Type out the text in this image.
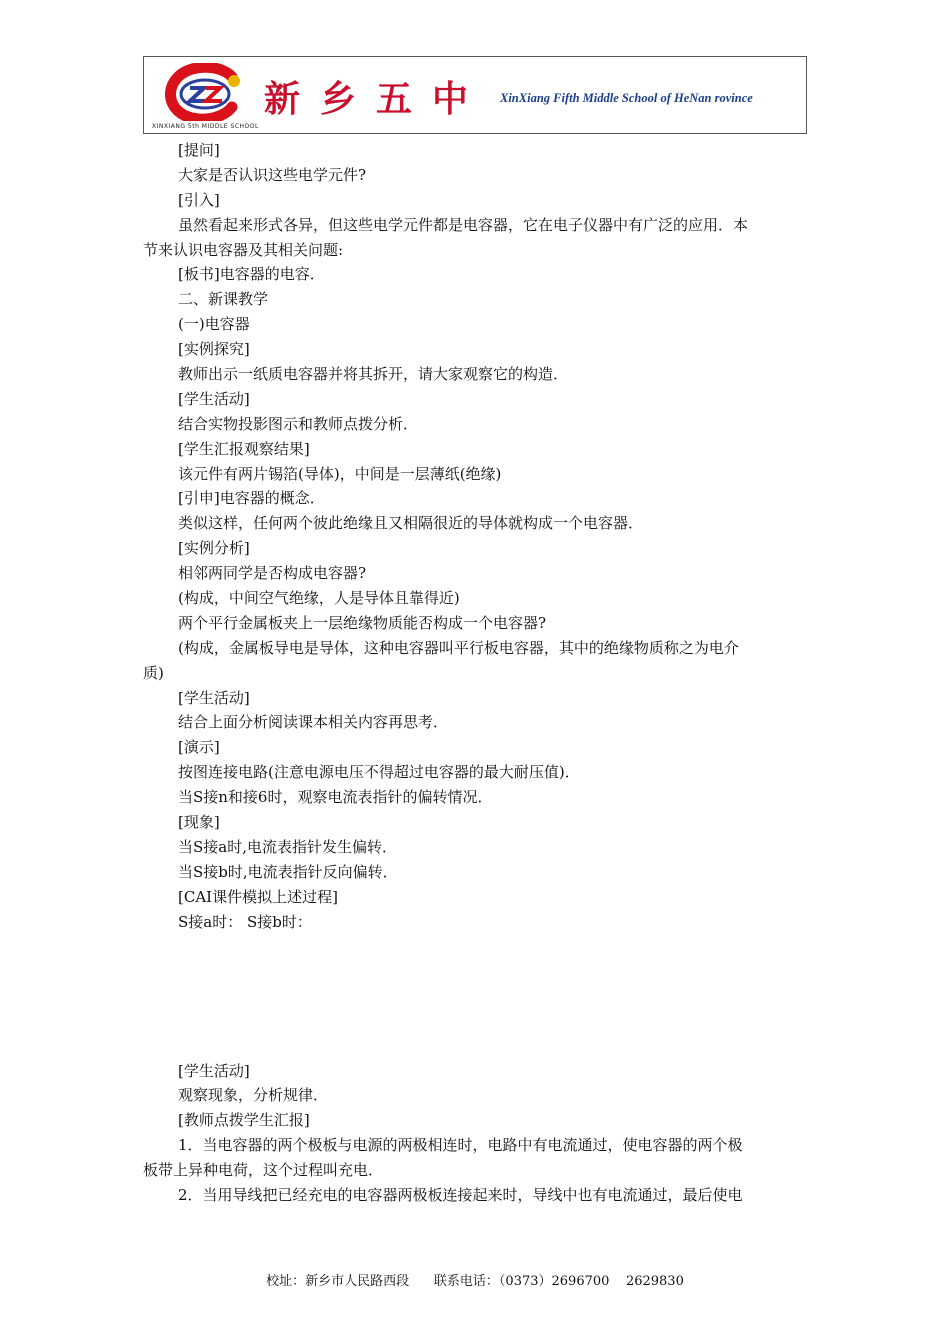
XINXIANG 5th MIDDLE SCHOOL
新乡五中 XinXiang Fifth Middle School of HeNan rovince
[提问]
大家是否认识这些电学元件?
[引入]
虽然看起来形式各异，但这些电学元件都是电容器，它在电子仪器中有广泛的应用．本
节来认识电容器及其相关问题:
[板书]电容器的电容．
二、新课教学
(一)电容器
[实例探究]
教师出示一纸质电容器并将其拆开，请大家观察它的构造．
[学生活动]
结合实物投影图示和教师点拨分析．
[学生汇报观察结果]
该元件有两片锡箔(导体)，中间是一层薄纸(绝缘)
[引申]电容器的概念．
类似这样，任何两个彼此绝缘且又相隔很近的导体就构成一个电容器．
[实例分析]
相邻两同学是否构成电容器?
(构成，中间空气绝缘，人是导体且靠得近)
两个平行金属板夹上一层绝缘物质能否构成一个电容器?
(构成，金属板导电是导体，这种电容器叫平行板电容器，其中的绝缘物质称之为电介
质)
[学生活动]
结合上面分析阅读课本相关内容再思考．
[演示]
按图连接电路(注意电源电压不得超过电容器的最大耐压值)．
当S接n和接6时，观察电流表指针的偏转情况．
[现象]
当S接a时,电流表指针发生偏转．
当S接b时,电流表指针反向偏转．
[CAI课件模拟上述过程]
S接a时： S接b时：
[学生活动]
观察现象，分析规律．
[教师点拨学生汇报]
1．当电容器的两个极板与电源的两极相连时，电路中有电流通过，使电容器的两个极
板带上异种电荷，这个过程叫充电．
2．当用导线把已经充电的电容器两极板连接起来时，导线中也有电流通过，最后使电
校址：新乡市人民路西段      联系电话：（0373）2696700    2629830
